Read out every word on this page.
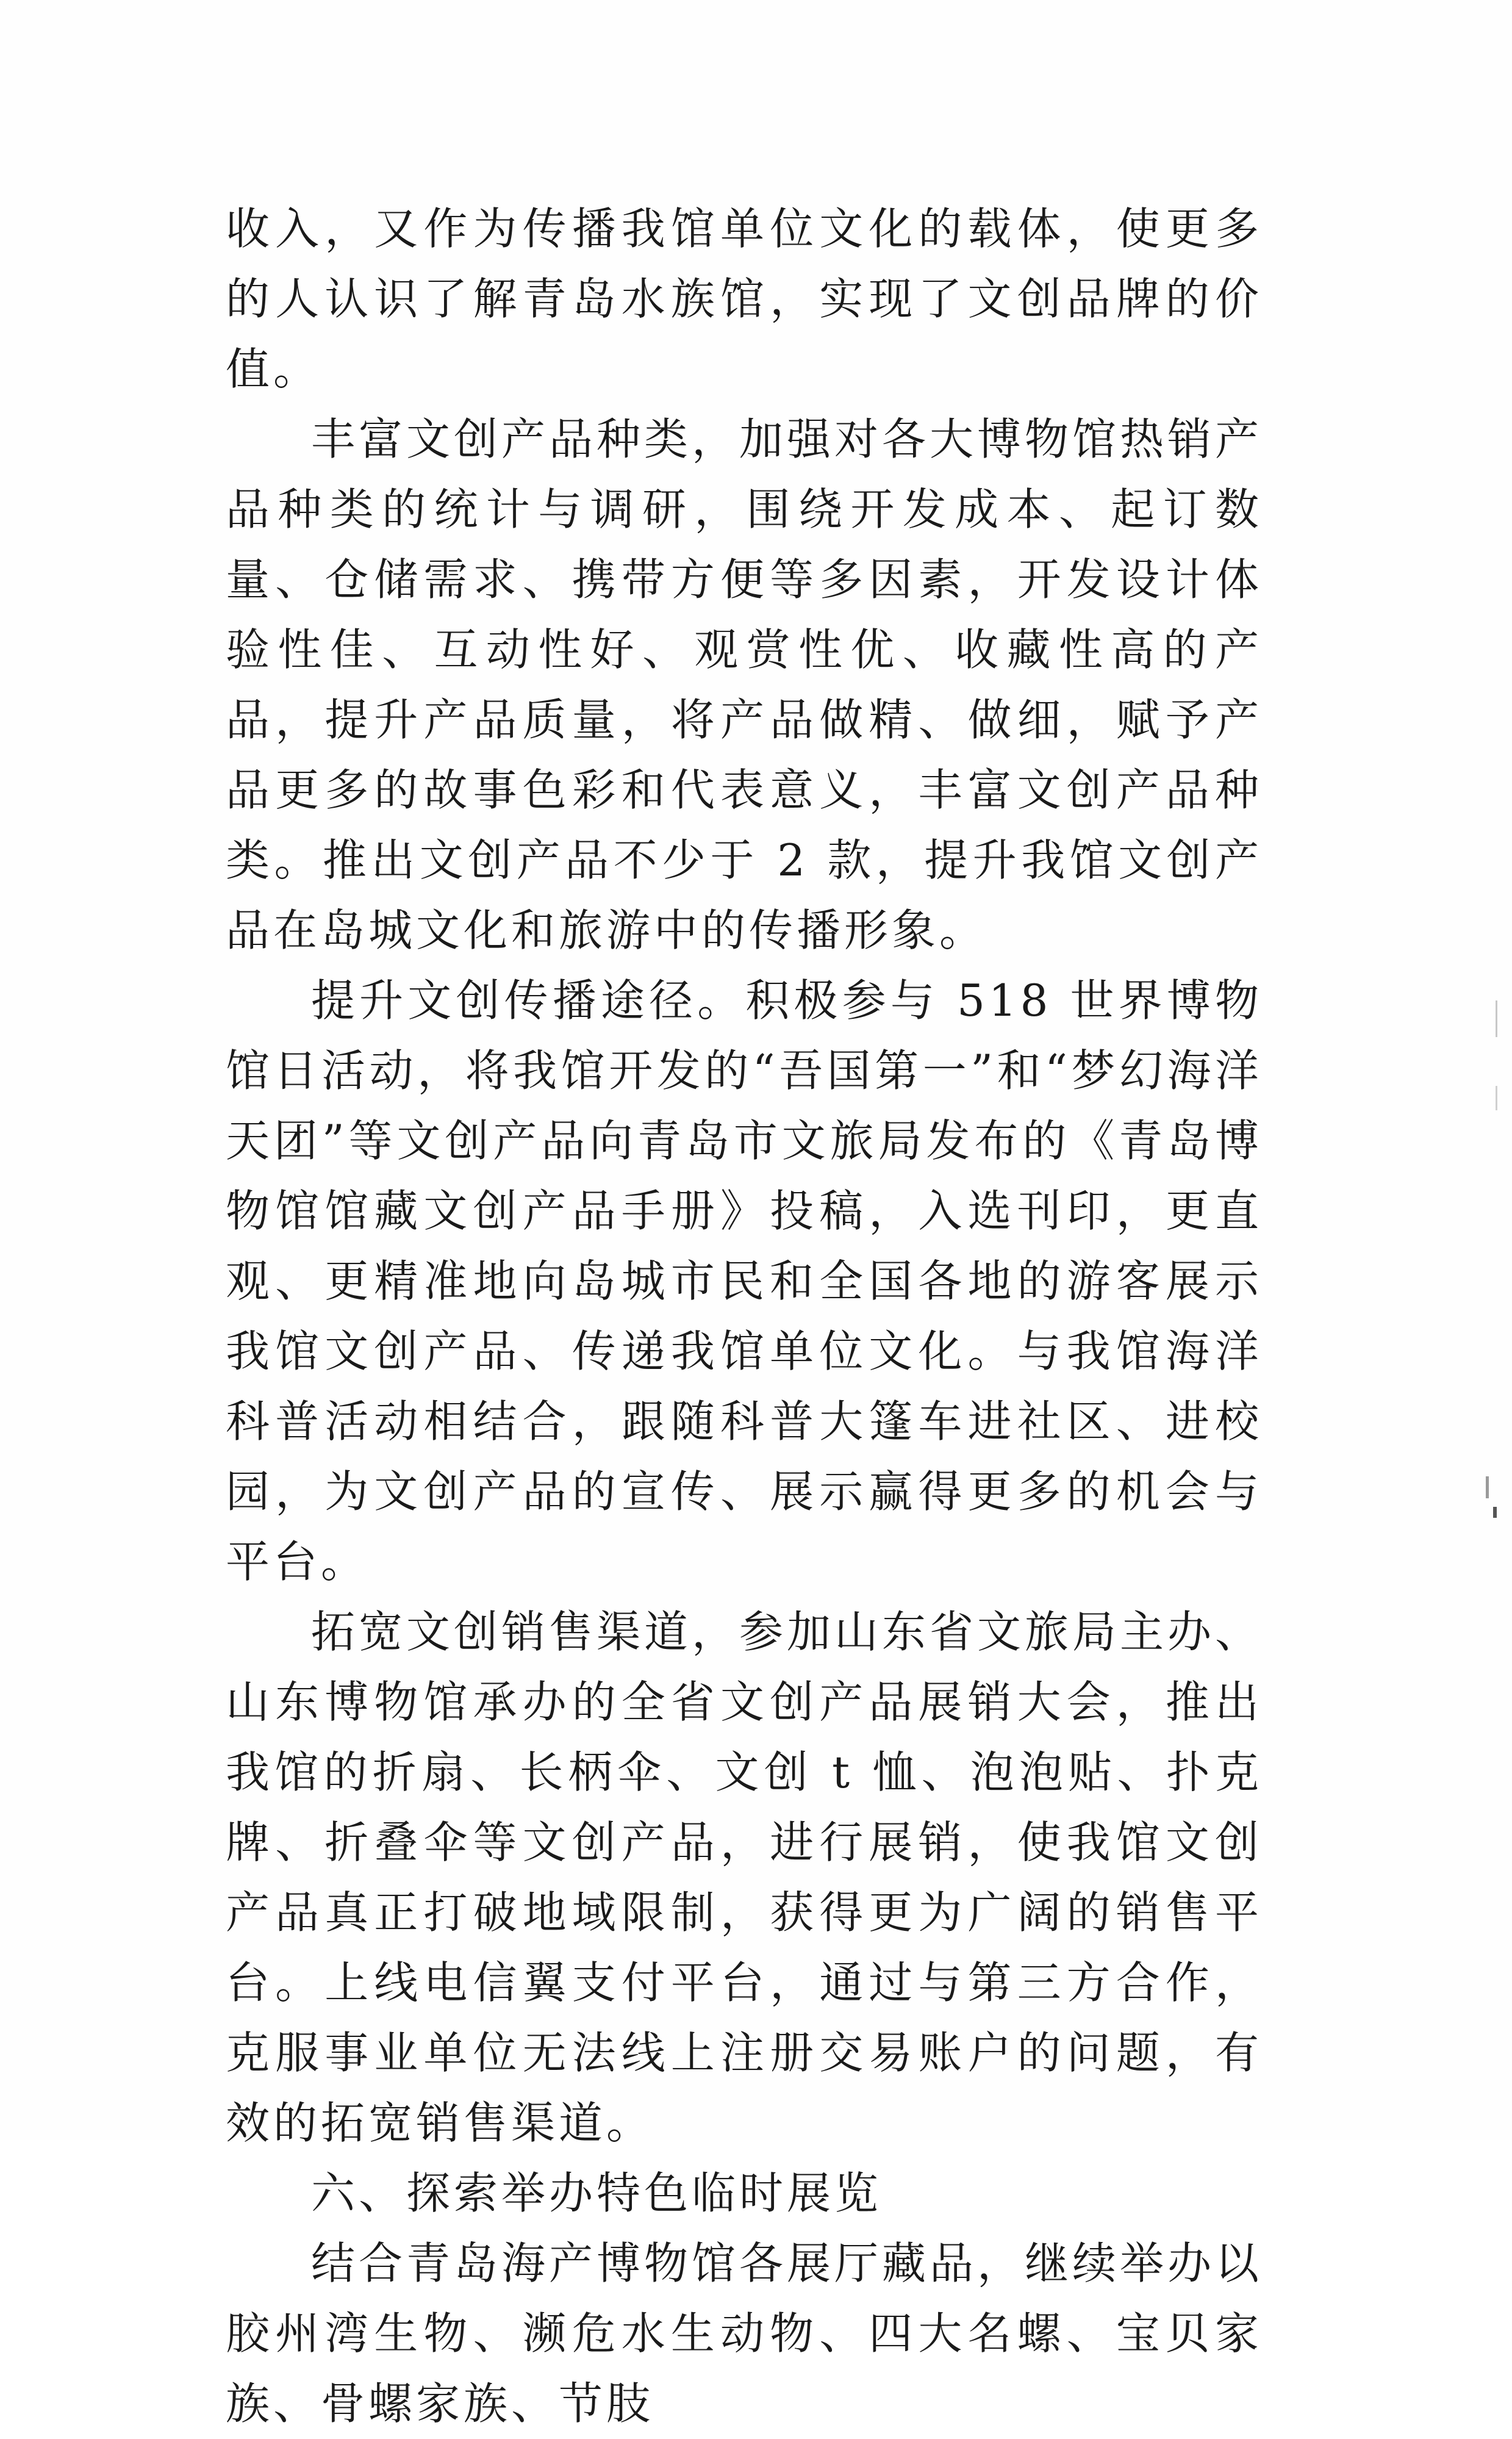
收入，又作为传播我馆单位文化的载体，使更多的人认识了解青岛水族馆，实现了文创品牌的价值。

丰富文创产品种类，加强对各大博物馆热销产品种类的统计与调研，围绕开发成本、起订数量、仓储需求、携带方便等多因素，开发设计体验性佳、互动性好、观赏性优、收藏性高的产品，提升产品质量，将产品做精、做细，赋予产品更多的故事色彩和代表意义，丰富文创产品种类。推出文创产品不少于 2 款，提升我馆文创产品在岛城文化和旅游中的传播形象。

提升文创传播途径。积极参与 518 世界博物馆日活动，将我馆开发的“吾国第一”和“梦幻海洋天团”等文创产品向青岛市文旅局发布的《青岛博物馆馆藏文创产品手册》投稿，入选刊印，更直观、更精准地向岛城市民和全国各地的游客展示我馆文创产品、传递我馆单位文化。与我馆海洋科普活动相结合，跟随科普大篷车进社区、进校园，为文创产品的宣传、展示赢得更多的机会与平台。

拓宽文创销售渠道，参加山东省文旅局主办、山东博物馆承办的全省文创产品展销大会，推出我馆的折扇、长柄伞、文创 t 恤、泡泡贴、扑克牌、折叠伞等文创产品，进行展销，使我馆文创产品真正打破地域限制，获得更为广阔的销售平台。上线电信翼支付平台，通过与第三方合作，克服事业单位无法线上注册交易账户的问题，有效的拓宽销售渠道。

六、探索举办特色临时展览

结合青岛海产博物馆各展厅藏品，继续举办以胶州湾生物、濒危水生动物、四大名螺、宝贝家族、骨螺家族、节肢
